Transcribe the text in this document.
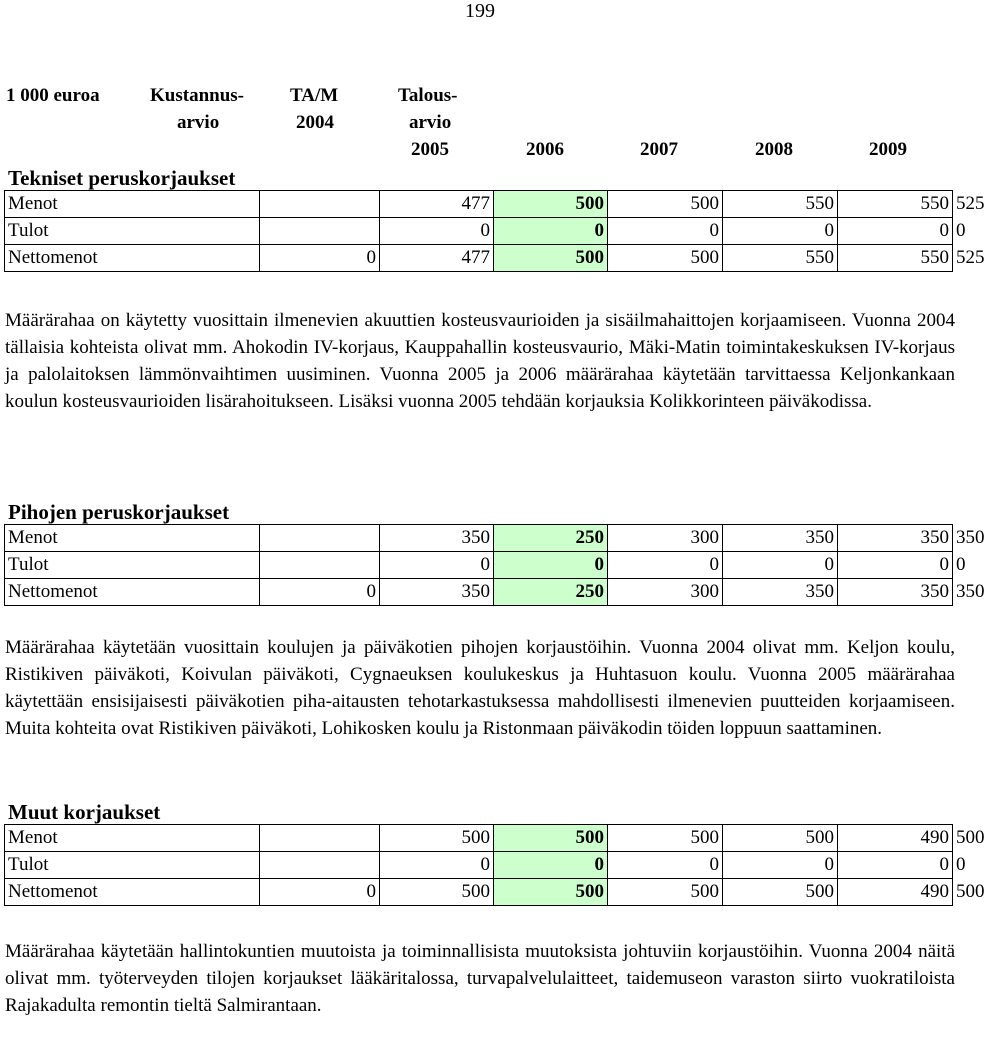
199
1 000 euroa	Kustannus-
arvio
TA/M
2004
Talous-
arvio
2005	2006	2007	2008	2009
Tekniset peruskorjaukset
Menot		477	500	500	550	550	525
Tulot		0	0	0	0	0	0
Nettomenot	0	477	500	500	550	550	525
Määrärahaa on käytetty vuosittain ilmenevien akuuttien kosteusvaurioiden ja sisäilmahaittojen korjaamiseen. Vuonna 2004 tällaisia kohteista olivat mm. Ahokodin IV-korjaus, Kauppahallin kosteusvaurio, Mäki-Matin toimintakeskuksen IV-korjaus ja palolaitoksen lämmönvaihtimen uusiminen. Vuonna 2005 ja 2006 määrärahaa käytetään tarvittaessa Keljonkankaan koulun kosteusvaurioiden lisärahoitukseen. Lisäksi vuonna 2005 tehdään korjauksia Kolikkorinteen päiväkodissa.
Pihojen peruskorjaukset
Menot		350	250	300	350	350	350
Tulot		0	0	0	0	0	0
Nettomenot	0	350	250	300	350	350	350
Määrärahaa käytetään vuosittain koulujen ja päiväkotien pihojen korjaustöihin. Vuonna 2004 olivat mm. Keljon koulu, Ristikiven päiväkoti, Koivulan päiväkoti, Cygnaeuksen koulukeskus ja Huhtasuon koulu. Vuonna 2005 määrärahaa käytettään ensisijaisesti päiväkotien piha-aitausten tehotarkastuksessa mahdollisesti ilmenevien puutteiden korjaamiseen. Muita kohteita ovat Ristikiven päiväkoti, Lohikosken koulu ja Ristonmaan päiväkodin töiden loppuun saattaminen.
Muut korjaukset
Menot		500	500	500	500	490	500
Tulot		0	0	0	0	0	0
Nettomenot	0	500	500	500	500	490	500
Määrärahaa käytetään hallintokuntien muutoista ja toiminnallisista muutoksista johtuviin korjaustöihin. Vuonna 2004 näitä olivat mm. työterveyden tilojen korjaukset lääkäritalossa, turvapalvelulaitteet, taidemuseon varaston siirto vuokratiloista Rajakadulta remontin tieltä Salmirantaan.
